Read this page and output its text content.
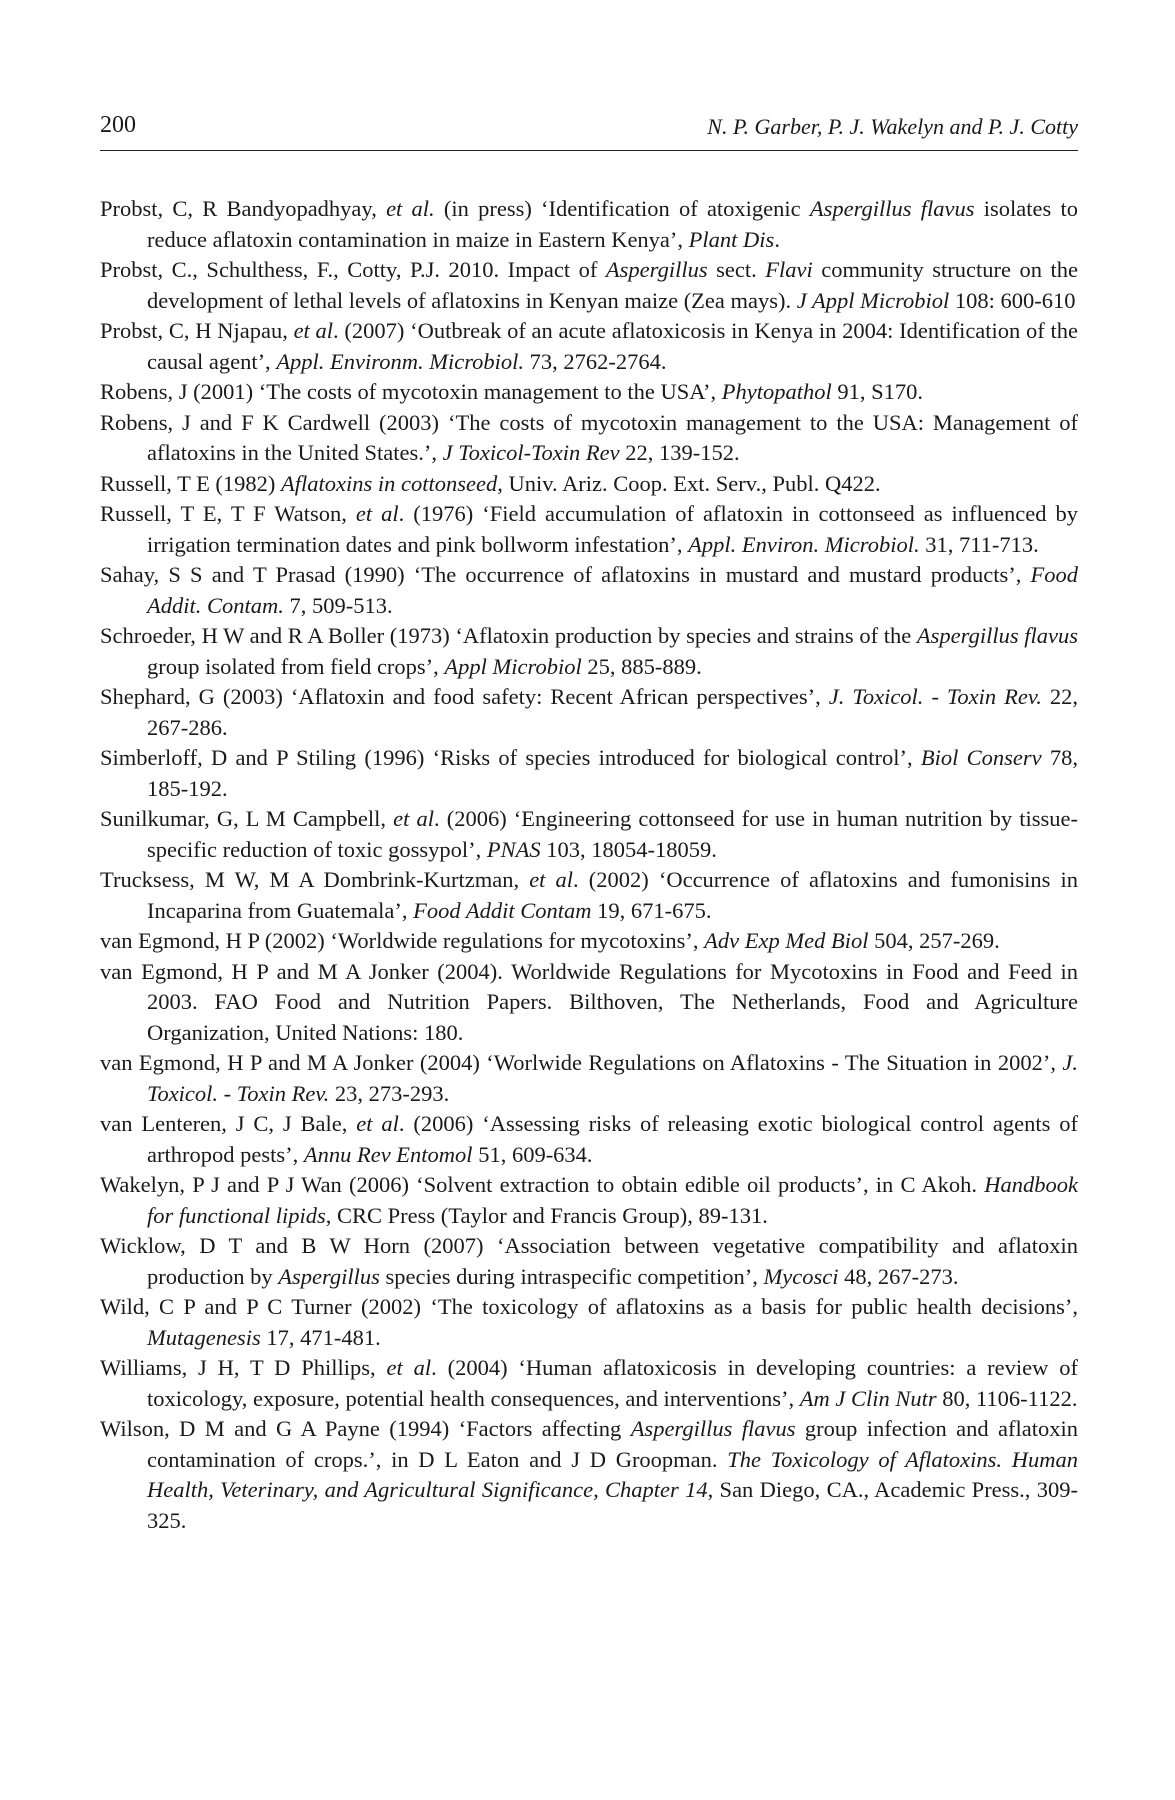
200	N. P. Garber, P. J. Wakelyn and P. J. Cotty
Probst, C, R Bandyopadhyay, et al. (in press) ‘Identification of atoxigenic Aspergillus flavus isolates to reduce aflatoxin contamination in maize in Eastern Kenya’, Plant Dis.
Probst, C., Schulthess, F., Cotty, P.J. 2010. Impact of Aspergillus sect. Flavi community structure on the development of lethal levels of aflatoxins in Kenyan maize (Zea mays). J Appl Microbiol 108: 600-610
Probst, C, H Njapau, et al. (2007) ‘Outbreak of an acute aflatoxicosis in Kenya in 2004: Identification of the causal agent’, Appl. Environm. Microbiol. 73, 2762-2764.
Robens, J (2001) ‘The costs of mycotoxin management to the USA’, Phytopathol 91, S170.
Robens, J and F K Cardwell (2003) ‘The costs of mycotoxin management to the USA: Management of aflatoxins in the United States.’, J Toxicol-Toxin Rev 22, 139-152.
Russell, T E (1982) Aflatoxins in cottonseed, Univ. Ariz. Coop. Ext. Serv., Publ. Q422.
Russell, T E, T F Watson, et al. (1976) ‘Field accumulation of aflatoxin in cottonseed as influenced by irrigation termination dates and pink bollworm infestation’, Appl. Environ. Microbiol. 31, 711-713.
Sahay, S S and T Prasad (1990) ‘The occurrence of aflatoxins in mustard and mustard products’, Food Addit. Contam. 7, 509-513.
Schroeder, H W and R A Boller (1973) ‘Aflatoxin production by species and strains of the Aspergillus flavus group isolated from field crops’, Appl Microbiol 25, 885-889.
Shephard, G (2003) ‘Aflatoxin and food safety: Recent African perspectives’, J. Toxicol. - Toxin Rev. 22, 267-286.
Simberloff, D and P Stiling (1996) ‘Risks of species introduced for biological control’, Biol Conserv 78, 185-192.
Sunilkumar, G, L M Campbell, et al. (2006) ‘Engineering cottonseed for use in human nutrition by tissue-specific reduction of toxic gossypol’, PNAS 103, 18054-18059.
Trucksess, M W, M A Dombrink-Kurtzman, et al. (2002) ‘Occurrence of aflatoxins and fumonisins in Incaparina from Guatemala’, Food Addit Contam 19, 671-675.
van Egmond, H P (2002) ‘Worldwide regulations for mycotoxins’, Adv Exp Med Biol 504, 257-269.
van Egmond, H P and M A Jonker (2004). Worldwide Regulations for Mycotoxins in Food and Feed in 2003. FAO Food and Nutrition Papers. Bilthoven, The Netherlands, Food and Agriculture Organization, United Nations: 180.
van Egmond, H P and M A Jonker (2004) ‘Worlwide Regulations on Aflatoxins - The Situation in 2002’, J. Toxicol. - Toxin Rev. 23, 273-293.
van Lenteren, J C, J Bale, et al. (2006) ‘Assessing risks of releasing exotic biological control agents of arthropod pests’, Annu Rev Entomol 51, 609-634.
Wakelyn, P J and P J Wan (2006) ‘Solvent extraction to obtain edible oil products’, in C Akoh. Handbook for functional lipids, CRC Press (Taylor and Francis Group), 89-131.
Wicklow, D T and B W Horn (2007) ‘Association between vegetative compatibility and aflatoxin production by Aspergillus species during intraspecific competition’, Mycosci 48, 267-273.
Wild, C P and P C Turner (2002) ‘The toxicology of aflatoxins as a basis for public health decisions’, Mutagenesis 17, 471-481.
Williams, J H, T D Phillips, et al. (2004) ‘Human aflatoxicosis in developing countries: a review of toxicology, exposure, potential health consequences, and interventions’, Am J Clin Nutr 80, 1106-1122.
Wilson, D M and G A Payne (1994) ‘Factors affecting Aspergillus flavus group infection and aflatoxin contamination of crops.’, in D L Eaton and J D Groopman. The Toxicology of Aflatoxins. Human Health, Veterinary, and Agricultural Significance, Chapter 14, San Diego, CA., Academic Press., 309-325.
